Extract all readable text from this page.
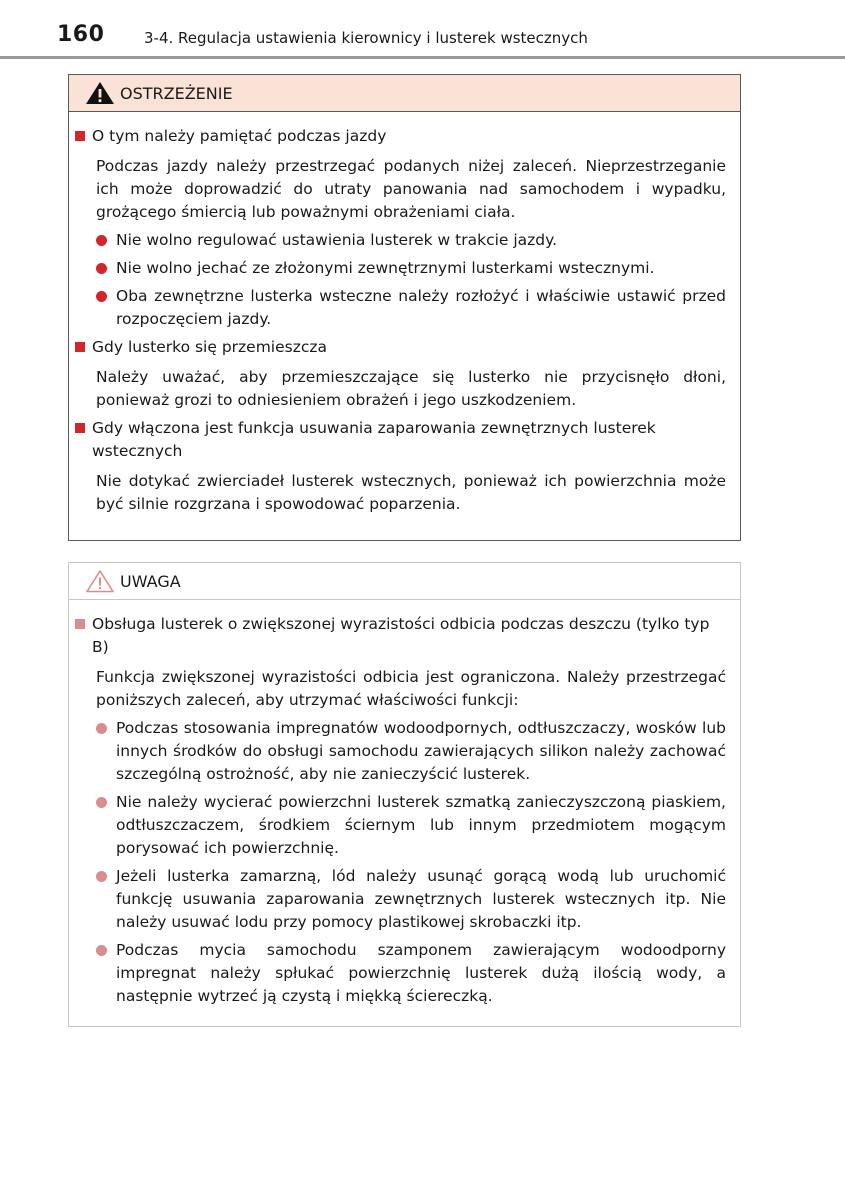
160	3-4. Regulacja ustawienia kierownicy i lusterek wstecznych
OSTRZEŻENIE
O tym należy pamiętać podczas jazdy
Podczas jazdy należy przestrzegać podanych niżej zaleceń. Nieprzestrzeganie ich może doprowadzić do utraty panowania nad samochodem i wypadku, grożącego śmiercią lub poważnymi obrażeniami ciała.
Nie wolno regulować ustawienia lusterek w trakcie jazdy.
Nie wolno jechać ze złożonymi zewnętrznymi lusterkami wstecznymi.
Oba zewnętrzne lusterka wsteczne należy rozłożyć i właściwie ustawić przed rozpoczęciem jazdy.
Gdy lusterko się przemieszcza
Należy uważać, aby przemieszczające się lusterko nie przycisnęło dłoni, ponieważ grozi to odniesieniem obrażeń i jego uszkodzeniem.
Gdy włączona jest funkcja usuwania zaparowania zewnętrznych lusterek wstecznych
Nie dotykać zwierciadeł lusterek wstecznych, ponieważ ich powierzchnia może być silnie rozgrzana i spowodować poparzenia.
UWAGA
Obsługa lusterek o zwiększonej wyrazistości odbicia podczas deszczu (tylko typ B)
Funkcja zwiększonej wyrazistości odbicia jest ograniczona. Należy przestrzegać poniższych zaleceń, aby utrzymać właściwości funkcji:
Podczas stosowania impregnatów wodoodpornych, odtłuszczaczy, wosków lub innych środków do obsługi samochodu zawierających silikon należy zachować szczególną ostrożność, aby nie zanieczyścić lusterek.
Nie należy wycierać powierzchni lusterek szmatką zanieczyszczoną piaskiem, odtłuszczaczem, środkiem ściernym lub innym przedmiotem mogącym porysować ich powierzchnię.
Jeżeli lusterka zamarzną, lód należy usunąć gorącą wodą lub uruchomić funkcję usuwania zaparowania zewnętrznych lusterek wstecznych itp. Nie należy usuwać lodu przy pomocy plastikowej skrobaczki itp.
Podczas mycia samochodu szamponem zawierającym wodoodporny impregnat należy spłukać powierzchnię lusterek dużą ilością wody, a następnie wytrzeć ją czystą i miękką ściereczką.
